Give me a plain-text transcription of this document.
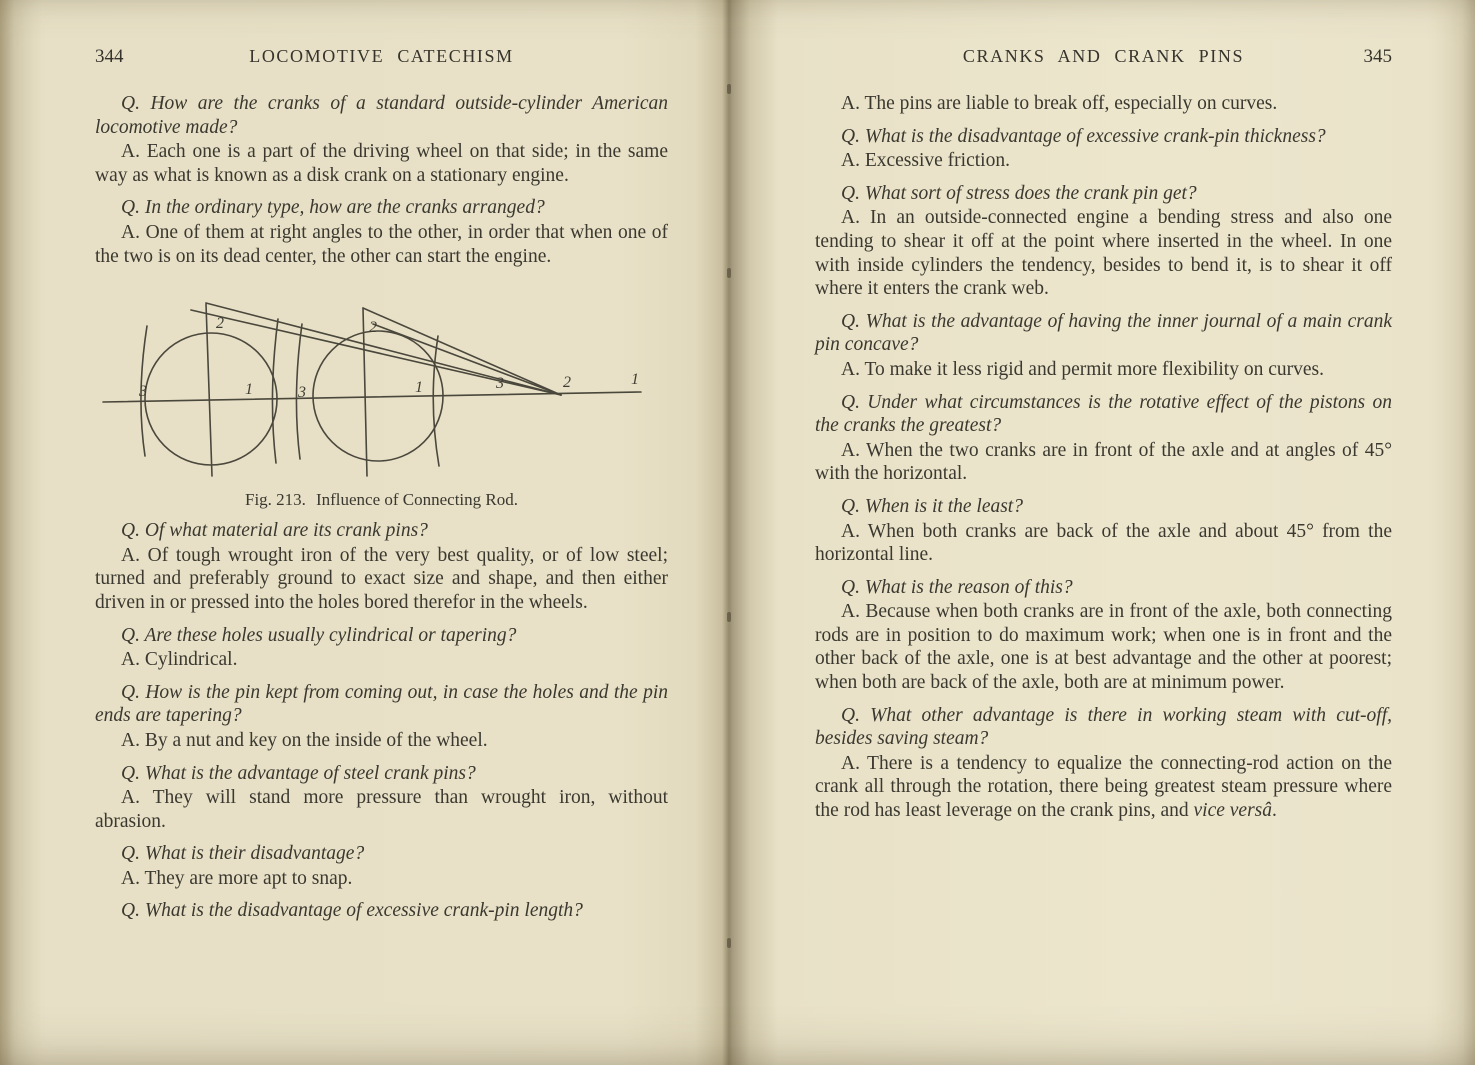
344	LOCOMOTIVE CATECHISM

Q. How are the cranks of a standard outside-cylinder American locomotive made?

A. Each one is a part of the driving wheel on that side; in the same way as what is known as a disk crank on a stationary engine.

Q. In the ordinary type, how are the cranks arranged?

A. One of them at right angles to the other, in order that when one of the two is on its dead center, the other can start the engine.

3	1
2
3	1
2
3	2	1
Fig. 213. Influence of Connecting Rod.

Q. Of what material are its crank pins?

A. Of tough wrought iron of the very best quality, or of low steel; turned and preferably ground to exact size and shape, and then either driven in or pressed into the holes bored therefor in the wheels.

Q. Are these holes usually cylindrical or tapering?

A. Cylindrical.

Q. How is the pin kept from coming out, in case the holes and the pin ends are tapering?

A. By a nut and key on the inside of the wheel.

Q. What is the advantage of steel crank pins?

A. They will stand more pressure than wrought iron, without abrasion.

Q. What is their disadvantage?

A. They are more apt to snap.

Q. What is the disadvantage of excessive crank-pin length?

CRANKS AND CRANK PINS	345

A. The pins are liable to break off, especially on curves.

Q. What is the disadvantage of excessive crank-pin thickness?

A. Excessive friction.

Q. What sort of stress does the crank pin get?

A. In an outside-connected engine a bending stress and also one tending to shear it off at the point where inserted in the wheel. In one with inside cylinders the tendency, besides to bend it, is to shear it off where it enters the crank web.

Q. What is the advantage of having the inner journal of a main crank pin concave?

A. To make it less rigid and permit more flexibility on curves.

Q. Under what circumstances is the rotative effect of the pistons on the cranks the greatest?

A. When the two cranks are in front of the axle and at angles of 45° with the horizontal.

Q. When is it the least?

A. When both cranks are back of the axle and about 45° from the horizontal line.

Q. What is the reason of this?

A. Because when both cranks are in front of the axle, both connecting rods are in position to do maximum work; when one is in front and the other back of the axle, one is at best advantage and the other at poorest; when both are back of the axle, both are at minimum power.

Q. What other advantage is there in working steam with cut-off, besides saving steam?

A. There is a tendency to equalize the connecting-rod action on the crank all through the rotation, there being greatest steam pressure where the rod has least leverage on the crank pins, and vice versâ.
